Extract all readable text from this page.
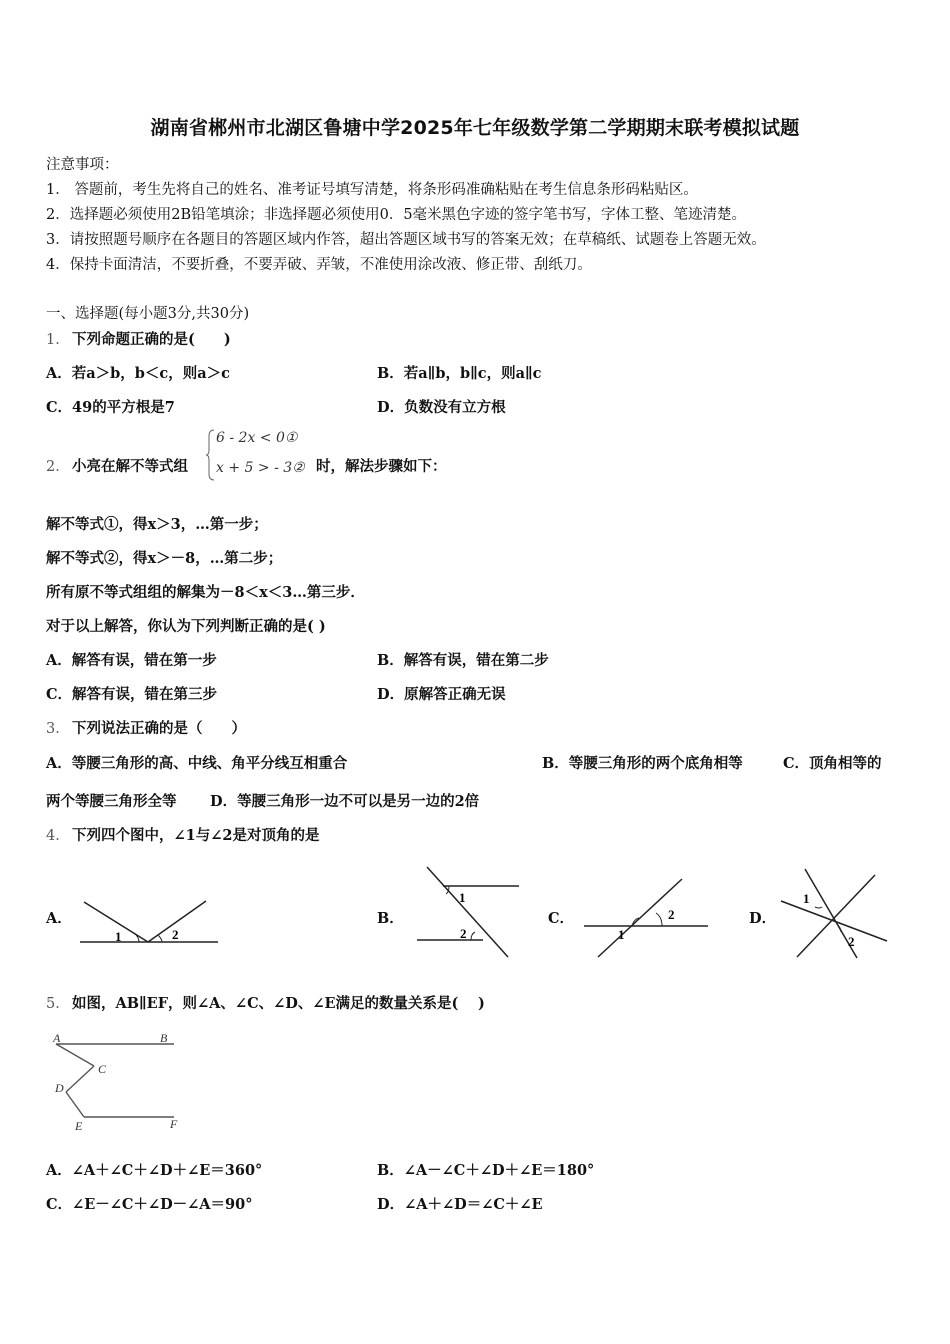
湖南省郴州市北湖区鲁塘中学2025年七年级数学第二学期期末联考模拟试题
注意事项：
1． 答题前，考生先将自己的姓名、准考证号填写清楚，将条形码准确粘贴在考生信息条形码粘贴区。
2．选择题必须使用2B铅笔填涂；非选择题必须使用0．5毫米黑色字迹的签字笔书写，字体工整、笔迹清楚。
3．请按照题号顺序在各题目的答题区域内作答，超出答题区域书写的答案无效；在草稿纸、试题卷上答题无效。
4．保持卡面清洁，不要折叠，不要弄破、弄皱，不准使用涂改液、修正带、刮纸刀。
一、选择题(每小题3分,共30分)
1． 下列命题正确的是(　　)
A．若a＞b，b＜c，则a＞c	B．若a∥b，b∥c，则a∥c
C．49的平方根是7	D．负数没有立方根
2． 小亮在解不等式组
6 - 2x < 0①
x + 5 > - 3② 时，解法步骤如下：
解不等式①，得x＞3，…第一步；
解不等式②，得x＞－8，…第二步；
所有原不等式组组的解集为－8＜x＜3…第三步．
对于以上解答，你认为下列判断正确的是( )
A．解答有误，错在第一步	B．解答有误，错在第二步
C．解答有误，错在第三步	D．原解答正确无误
3． 下列说法正确的是（　　）
A．等腰三角形的高、中线、角平分线互相重合	B．等腰三角形的两个底角相等	C．顶角相等的
两个等腰三角形全等 D．等腰三角形一边不可以是另一边的2倍
4． 下列四个图中，∠1与∠2是对顶角的是
A．	B．	C．	D．
1	2
1
2	1
2
1
2
5． 如图，AB∥EF，则∠A、∠C、∠D、∠E满足的数量关系是(　 )
A	B
C
D
E	F
A．∠A＋∠C＋∠D＋∠E＝360°	B．∠A－∠C＋∠D＋∠E＝180°
C．∠E－∠C＋∠D－∠A＝90°	D．∠A＋∠D＝∠C＋∠E
